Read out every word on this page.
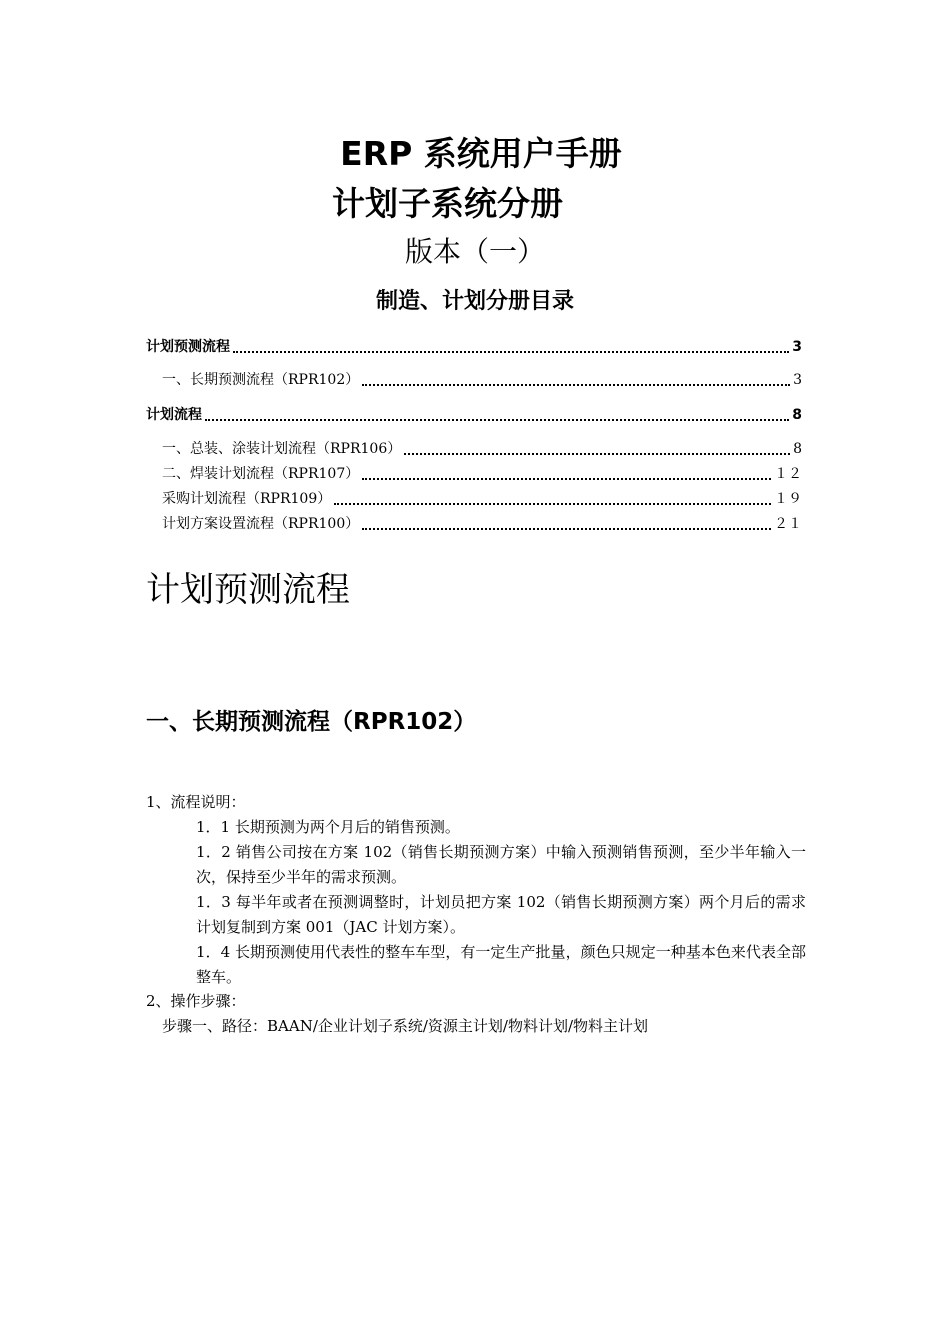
ERP 系统用户手册
计划子系统分册
版本（一）
制造、计划分册目录
计划预测流程	3
一、长期预测流程（RPR102）	3
计划流程	8
一、总装、涂装计划流程（RPR106）	8
二、焊装计划流程（RPR107）	１２
采购计划流程（RPR109）	１９
计划方案设置流程（RPR100）	２１
计划预测流程
一、长期预测流程（RPR102）
1、流程说明：
1．1 长期预测为两个月后的销售预测。
1．2 销售公司按在方案 102（销售长期预测方案）中输入预测销售预测，至少半年输入一次，保持至少半年的需求预测。
1．3 每半年或者在预测调整时，计划员把方案 102（销售长期预测方案）两个月后的需求计划复制到方案 001（JAC 计划方案）。
1．4 长期预测使用代表性的整车车型，有一定生产批量，颜色只规定一种基本色来代表全部整车。
2、操作步骤：
步骤一、路径：BAAN/企业计划子系统/资源主计划/物料计划/物料主计划
